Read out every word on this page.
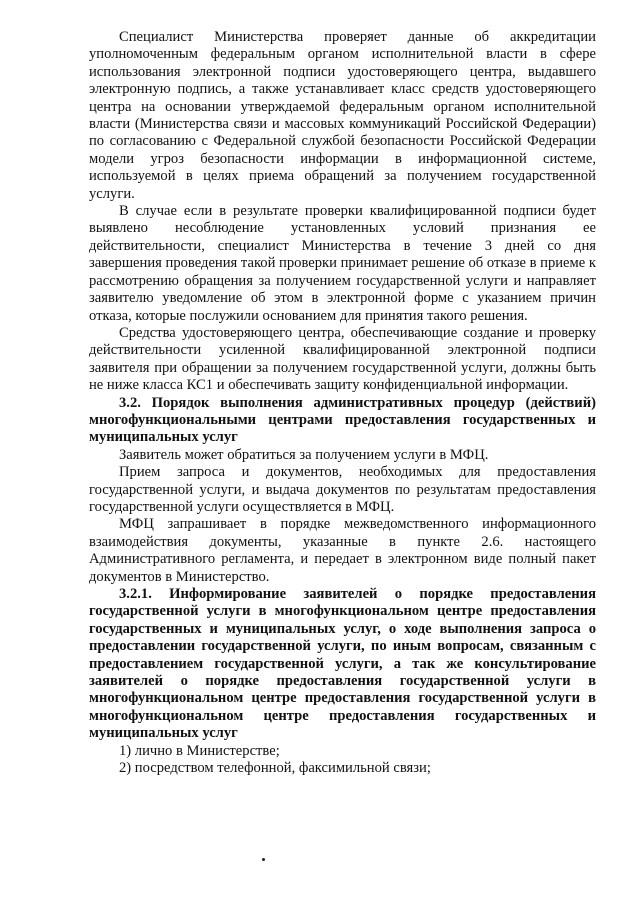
Специалист Министерства проверяет данные об аккредитации уполномоченным федеральным органом исполнительной власти в сфере использования электронной подписи удостоверяющего центра, выдавшего электронную подпись, а также устанавливает класс средств удостоверяющего центра на основании утверждаемой федеральным органом исполнительной власти (Министерства связи и массовых коммуникаций Российской Федерации) по согласованию с Федеральной службой безопасности Российской Федерации модели угроз безопасности информации в информационной системе, используемой в целях приема обращений за получением государственной услуги.

В случае если в результате проверки квалифицированной подписи будет выявлено несоблюдение установленных условий признания ее действительности, специалист Министерства в течение 3 дней со дня завершения проведения такой проверки принимает решение об отказе в приеме к рассмотрению обращения за получением государственной услуги и направляет заявителю уведомление об этом в электронной форме с указанием причин отказа, которые послужили основанием для принятия такого решения.

Средства удостоверяющего центра, обеспечивающие создание и проверку действительности усиленной квалифицированной электронной подписи заявителя при обращении за получением государственной услуги, должны быть не ниже класса КС1 и обеспечивать защиту конфиденциальной информации.

3.2. Порядок выполнения административных процедур (действий) многофункциональными центрами предоставления государственных и муниципальных услуг

Заявитель может обратиться за получением услуги в МФЦ.

Прием запроса и документов, необходимых для предоставления государственной услуги, и выдача документов по результатам предоставления государственной услуги осуществляется в МФЦ.

МФЦ запрашивает в порядке межведомственного информационного взаимодействия документы, указанные в пункте 2.6. настоящего Административного регламента, и передает в электронном виде полный пакет документов в Министерство.

3.2.1. Информирование заявителей о порядке предоставления государственной услуги в многофункциональном центре предоставления государственных и муниципальных услуг, о ходе выполнения запроса о предоставлении государственной услуги, по иным вопросам, связанным с предоставлением государственной услуги, а так же консультирование заявителей о порядке предоставления государственной услуги в многофункциональном центре предоставления государственной услуги в многофункциональном центре предоставления государственных и муниципальных услуг

1) лично в Министерстве;

2) посредством телефонной, факсимильной связи;
